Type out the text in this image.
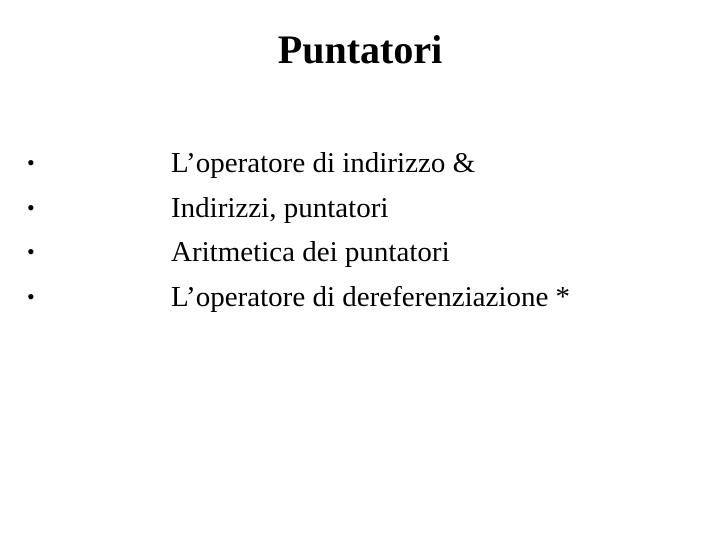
Puntatori
•	L’operatore di indirizzo &
•	Indirizzi, puntatori
•	Aritmetica dei puntatori
•	L’operatore di dereferenziazione *
